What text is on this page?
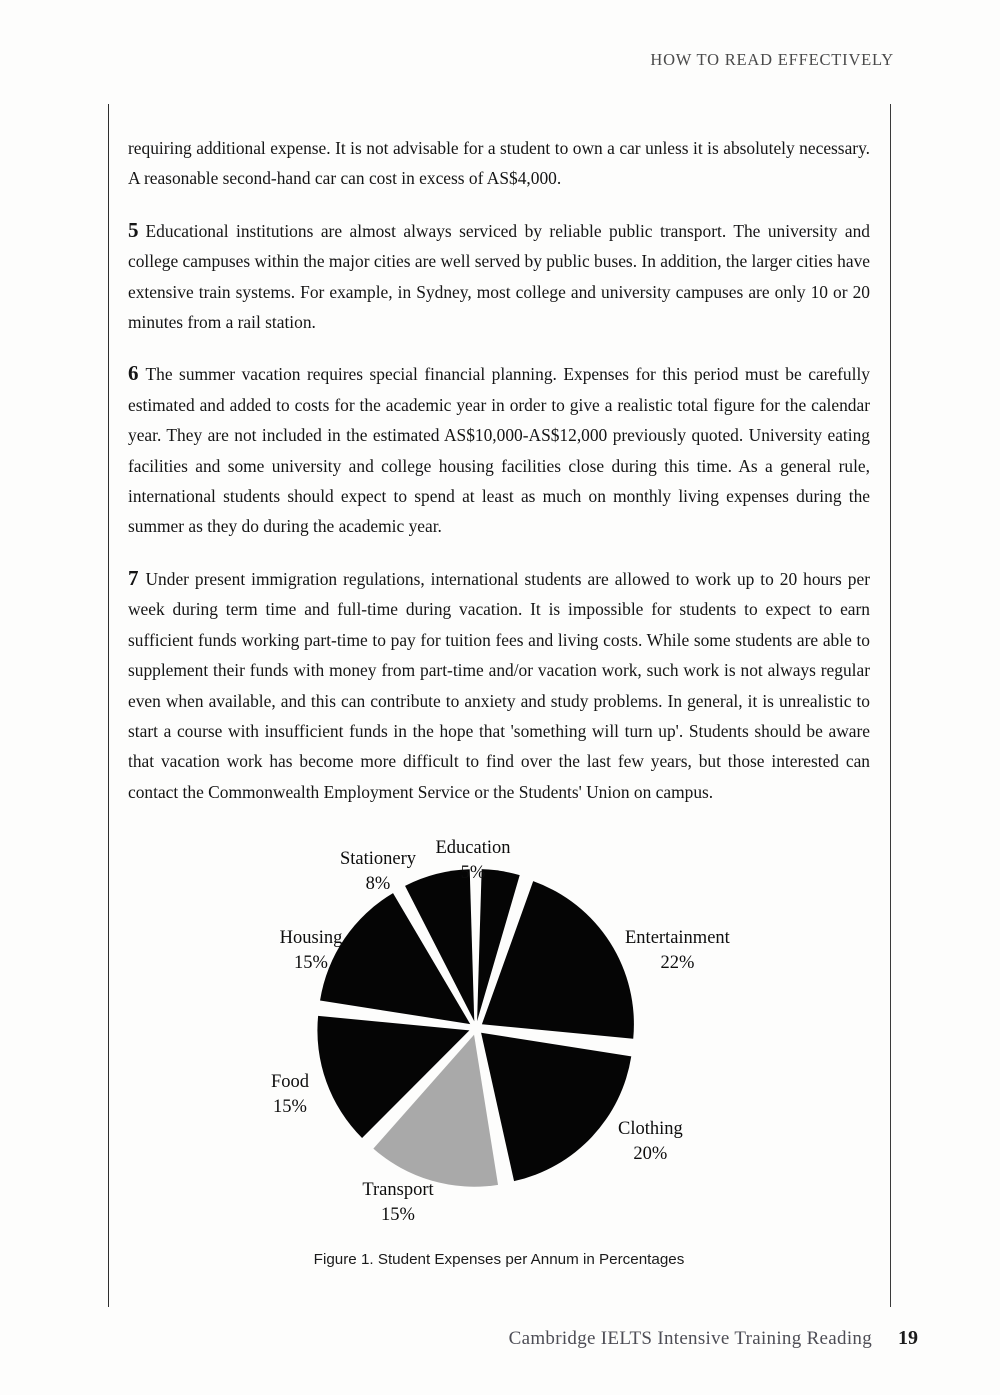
HOW TO READ EFFECTIVELY

requiring additional expense. It is not advisable for a student to own a car unless it is absolutely necessary. A reasonable second-hand car can cost in excess of AS$4,000.

5 Educational institutions are almost always serviced by reliable public transport. The university and college campuses within the major cities are well served by public buses. In addition, the larger cities have extensive train systems. For example, in Sydney, most college and university campuses are only 10 or 20 minutes from a rail station.

6 The summer vacation requires special financial planning. Expenses for this period must be carefully estimated and added to costs for the academic year in order to give a realistic total figure for the calendar year. They are not included in the estimated AS$10,000-AS$12,000 previously quoted. University eating facilities and some university and college housing facilities close during this time. As a general rule, international students should expect to spend at least as much on monthly living expenses during the summer as they do during the academic year.

7 Under present immigration regulations, international students are allowed to work up to 20 hours per week during term time and full-time during vacation. It is impossible for students to expect to earn sufficient funds working part-time to pay for tuition fees and living costs. While some students are able to supplement their funds with money from part-time and/or vacation work, such work is not always regular even when available, and this can contribute to anxiety and study problems. In general, it is unrealistic to start a course with insufficient funds in the hope that 'something will turn up'. Students should be aware that vacation work has become more difficult to find over the last few years, but those interested can contact the Commonwealth Employment Service or the Students' Union on campus.

Education
5%
Entertainment
22%
Clothing
20%
Transport
15%
Food
15%
Housing
15%
Stationery
8%
Figure 1. Student Expenses per Annum in Percentages
Cambridge IELTS Intensive Training Reading 19
